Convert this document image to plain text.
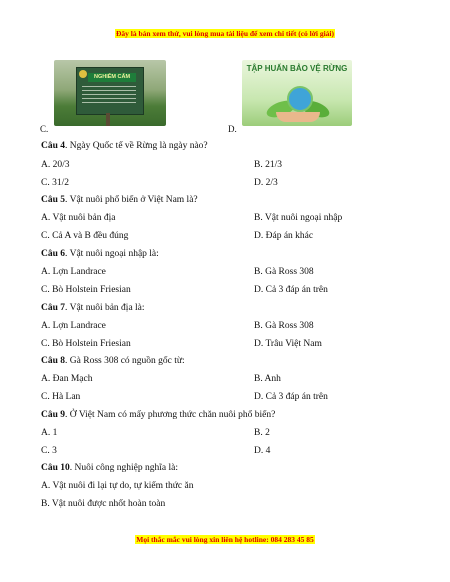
Đây là bản xem thử, vui lòng mua tài liệu để xem chi tiết (có lời giải)
C.
NGHIÊM CẤM
D.
TẬP HUẤN BẢO VỆ RỪNG
Câu 4. Ngày Quốc tế về Rừng là ngày nào?
A. 20/3	B. 21/3
C. 31/2	D. 2/3
Câu 5. Vật nuôi phổ biến ở Việt Nam là?
A. Vật nuôi bản địa	B. Vật nuôi ngoại nhập
C. Cả A và B đều đúng	D. Đáp án khác
Câu 6. Vật nuôi ngoại nhập là:
A. Lợn Landrace	B. Gà Ross 308
C. Bò Holstein Friesian	D. Cả 3 đáp án trên
Câu 7. Vật nuôi bản địa là:
A. Lợn Landrace	B. Gà Ross 308
C. Bò Holstein Friesian	D. Trâu Việt Nam
Câu 8. Gà Ross 308 có nguồn gốc từ:
A. Đan Mạch	B. Anh
C. Hà Lan	D. Cả 3 đáp án trên
Câu 9. Ở Việt Nam có mấy phương thức chăn nuôi phổ biến?
A. 1	B. 2
C. 3	D. 4
Câu 10. Nuôi công nghiệp nghĩa là:
A. Vật nuôi đi lại tự do, tự kiếm thức ăn
B. Vật nuôi được nhốt hoàn toàn
Mọi thắc mắc vui lòng xin liên hệ hotline: 084 283 45 85
